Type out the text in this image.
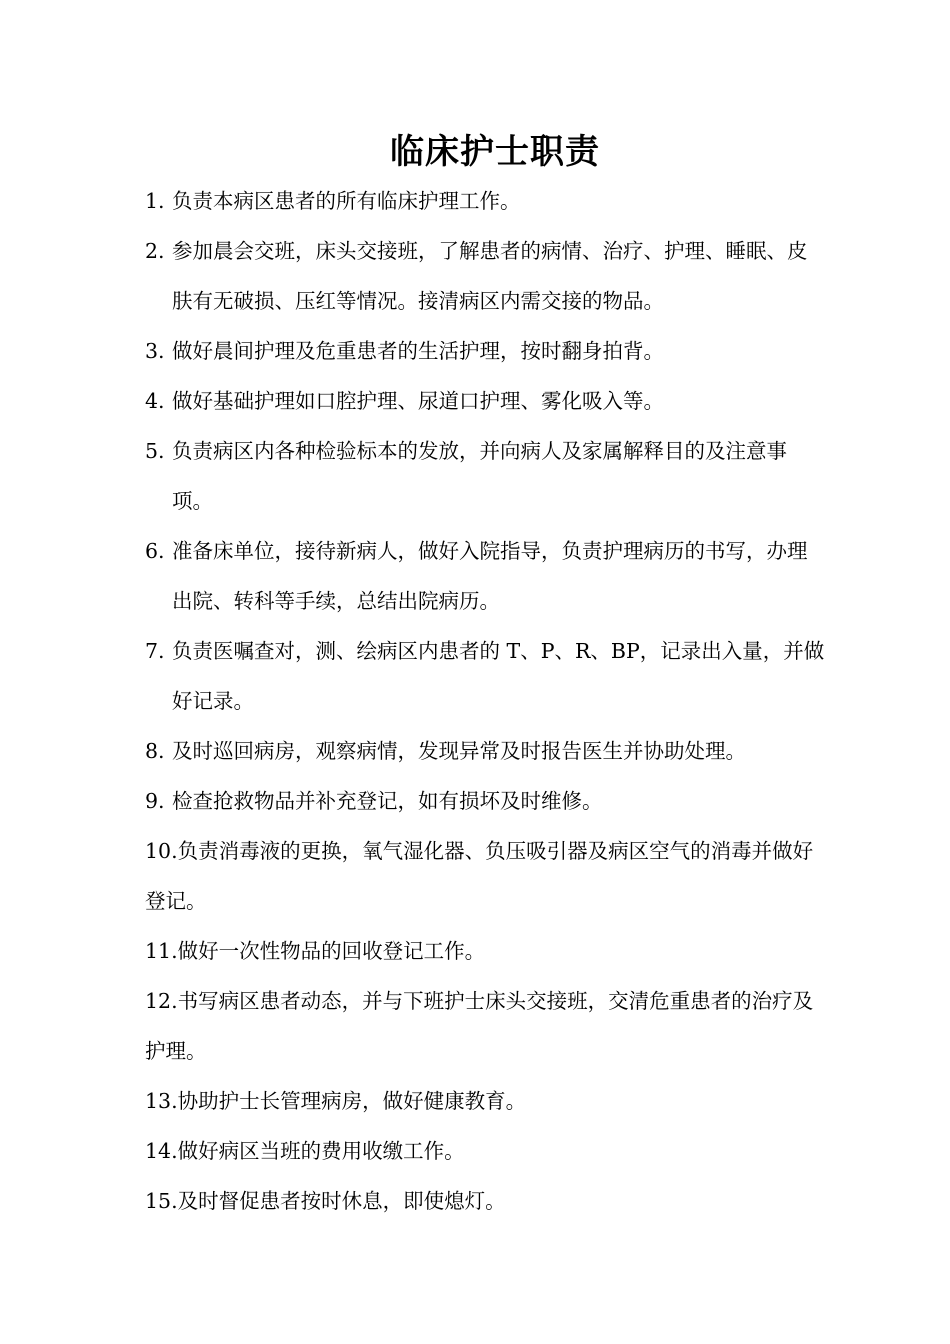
临床护士职责
1. 负责本病区患者的所有临床护理工作。
2. 参加晨会交班，床头交接班，了解患者的病情、治疗、护理、睡眠、皮肤有无破损、压红等情况。接清病区内需交接的物品。
3. 做好晨间护理及危重患者的生活护理，按时翻身拍背。
4. 做好基础护理如口腔护理、尿道口护理、雾化吸入等。
5. 负责病区内各种检验标本的发放，并向病人及家属解释目的及注意事项。
6. 准备床单位，接待新病人，做好入院指导，负责护理病历的书写，办理出院、转科等手续，总结出院病历。
7. 负责医嘱查对，测、绘病区内患者的 T、P、R、BP，记录出入量，并做好记录。
8. 及时巡回病房，观察病情，发现异常及时报告医生并协助处理。
9. 检查抢救物品并补充登记，如有损坏及时维修。
10.负责消毒液的更换，氧气湿化器、负压吸引器及病区空气的消毒并做好登记。
11.做好一次性物品的回收登记工作。
12.书写病区患者动态，并与下班护士床头交接班，交清危重患者的治疗及护理。
13.协助护士长管理病房，做好健康教育。
14.做好病区当班的费用收缴工作。
15.及时督促患者按时休息，即使熄灯。
